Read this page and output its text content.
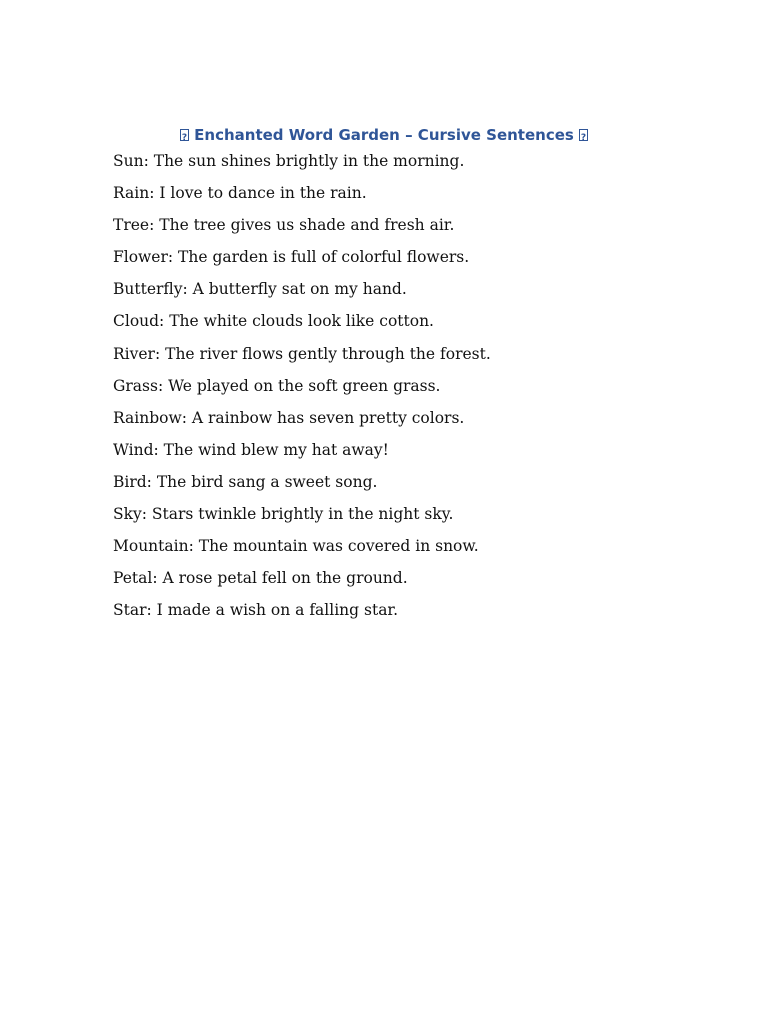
Enchanted Word Garden – Cursive Sentences
Sun: The sun shines brightly in the morning.
Rain: I love to dance in the rain.
Tree: The tree gives us shade and fresh air.
Flower: The garden is full of colorful flowers.
Butterfly: A butterfly sat on my hand.
Cloud: The white clouds look like cotton.
River: The river flows gently through the forest.
Grass: We played on the soft green grass.
Rainbow: A rainbow has seven pretty colors.
Wind: The wind blew my hat away!
Bird: The bird sang a sweet song.
Sky: Stars twinkle brightly in the night sky.
Mountain: The mountain was covered in snow.
Petal: A rose petal fell on the ground.
Star: I made a wish on a falling star.
